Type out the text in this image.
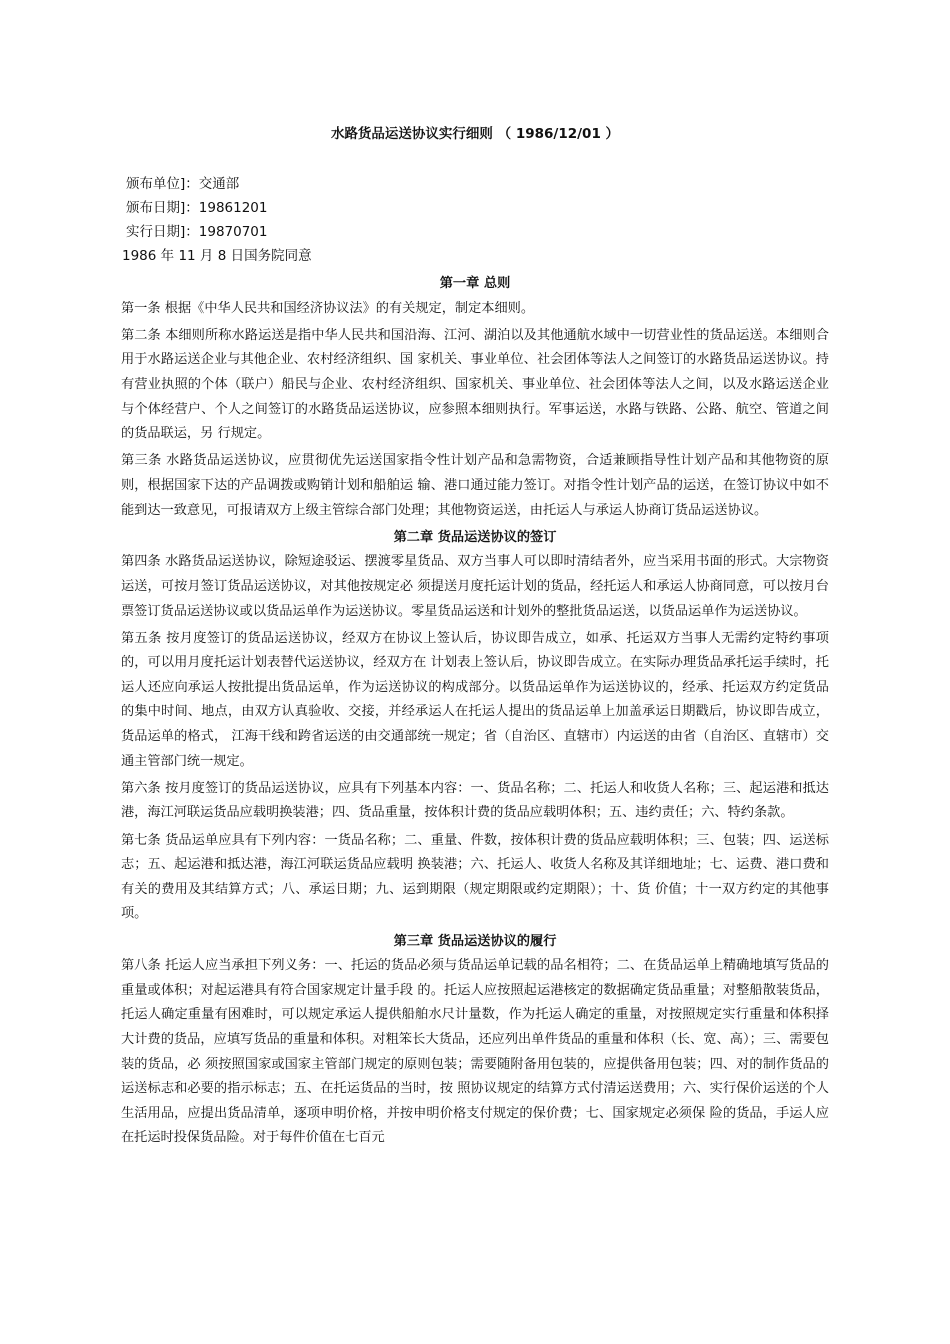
水路货品运送协议实行细则 （ 1986/12/01 ）
颁布单位]：交通部
颁布日期]：19861201
实行日期]：19870701
1986 年 11 月 8 日国务院同意
第一章 总则

第一条 根据《中华人民共和国经济协议法》的有关规定，制定本细则。

第二条 本细则所称水路运送是指中华人民共和国沿海、江河、湖泊以及其他通航水域中一切营业性的货品运送。本细则合用于水路运送企业与其他企业、农村经济组织、国 家机关、事业单位、社会团体等法人之间签订的水路货品运送协议。持有营业执照的个体（联户）船民与企业、农村经济组织、国家机关、事业单位、社会团体等法人之间，以及水路运送企业与个体经营户、个人之间签订的水路货品运送协议，应参照本细则执行。军事运送，水路与铁路、公路、航空、管道之间的货品联运，另 行规定。

第三条 水路货品运送协议，应贯彻优先运送国家指令性计划产品和急需物资，合适兼顾指导性计划产品和其他物资的原则，根据国家下达的产品调拨或购销计划和船舶运 输、港口通过能力签订。对指令性计划产品的运送，在签订协议中如不能到达一致意见，可报请双方上级主管综合部门处理；其他物资运送，由托运人与承运人协商订货品运送协议。

第二章 货品运送协议的签订

第四条 水路货品运送协议，除短途驳运、摆渡零星货品、双方当事人可以即时清结者外，应当采用书面的形式。大宗物资运送，可按月签订货品运送协议，对其他按规定必 须提送月度托运计划的货品，经托运人和承运人协商同意，可以按月台票签订货品运送协议或以货品运单作为运送协议。零星货品运送和计划外的整批货品运送，以货品运单作为运送协议。

第五条 按月度签订的货品运送协议，经双方在协议上签认后，协议即告成立，如承、托运双方当事人无需约定特约事项的，可以用月度托运计划表替代运送协议，经双方在 计划表上签认后，协议即告成立。在实际办理货品承托运手续时，托运人还应向承运人按批提出货品运单，作为运送协议的构成部分。以货品运单作为运送协议的，经承、托运双方约定货品的集中时间、地点，由双方认真验收、交接，并经承运人在托运人提出的货品运单上加盖承运日期戳后，协议即告成立，货品运单的格式， 江海干线和跨省运送的由交通部统一规定；省（自治区、直辖市）内运送的由省（自治区、直辖市）交通主管部门统一规定。

第六条 按月度签订的货品运送协议，应具有下列基本内容：一、货品名称；二、托运人和收货人名称；三、起运港和抵达港，海江河联运货品应载明换装港；四、货品重量，按体积计费的货品应载明体积；五、违约责任；六、特约条款。

第七条 货品运单应具有下列内容：一货品名称；二、重量、件数，按体积计费的货品应载明体积；三、包装；四、运送标志；五、起运港和抵达港，海江河联运货品应载明 换装港；六、托运人、收货人名称及其详细地址；七、运费、港口费和有关的费用及其结算方式；八、承运日期；九、运到期限（规定期限或约定期限）；十、货 价值；十一双方约定的其他事项。

第三章 货品运送协议的履行

第八条 托运人应当承担下列义务：一、托运的货品必须与货品运单记载的品名相符；二、在货品运单上精确地填写货品的重量或体积；对起运港具有符合国家规定计量手段 的。托运人应按照起运港核定的数据确定货品重量；对整船散装货品，托运人确定重量有困难时，可以规定承运人提供船舶水尺计量数，作为托运人确定的重量，对按照规定实行重量和体积择大计费的货品，应填写货品的重量和体积。对粗笨长大货品，还应列出单件货品的重量和体积（长、宽、高）；三、需要包装的货品，必 须按照国家或国家主管部门规定的原则包装；需要随附备用包装的，应提供备用包装；四、对的制作货品的运送标志和必要的指示标志；五、在托运货品的当时，按 照协议规定的结算方式付清运送费用；六、实行保价运送的个人生活用品，应提出货品清单，逐项申明价格，并按申明价格支付规定的保价费；七、国家规定必须保 险的货品，手运人应在托运时投保货品险。对于每件价值在七百元
